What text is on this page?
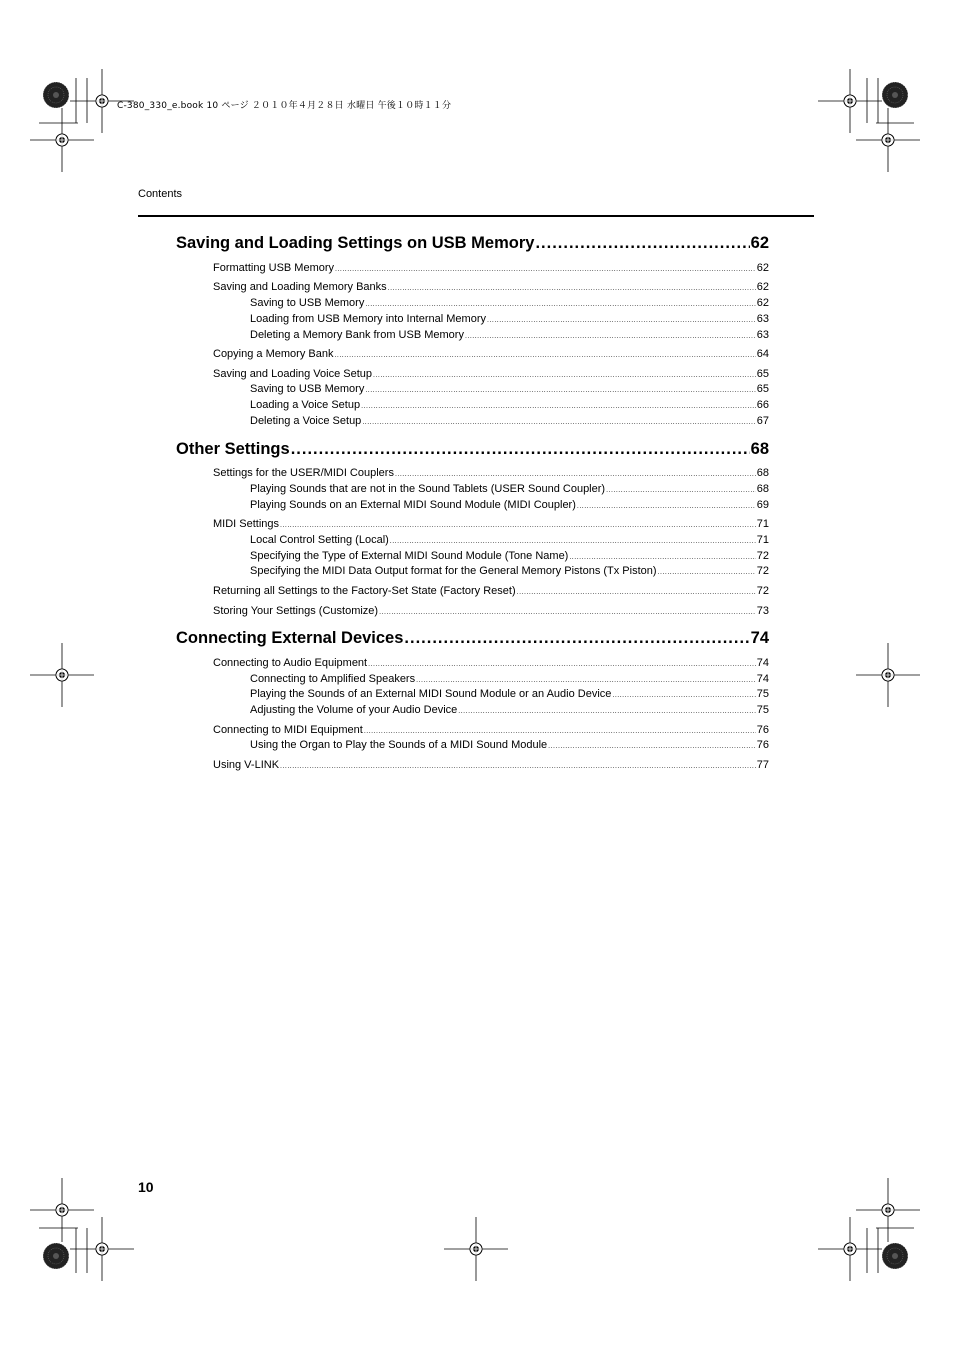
C-380_330_e.book 10 ページ ２０１０年４月２８日 水曜日 午後１０時１１分
Contents
Saving and Loading Settings on USB Memory .....	62
Formatting USB Memory .....	62
Saving and Loading Memory Banks .....	62
Saving to USB Memory .....	62
Loading from USB Memory into Internal Memory .....	63
Deleting a Memory Bank from USB Memory .....	63
Copying a Memory Bank .....	64
Saving and Loading Voice Setup .....	65
Saving to USB Memory .....	65
Loading a Voice Setup .....	66
Deleting a Voice Setup .....	67
Other Settings .....	68
Settings for the USER/MIDI Couplers .....	68
Playing Sounds that are not in the Sound Tablets (USER Sound Coupler) .....	68
Playing Sounds on an External MIDI Sound Module (MIDI Coupler) .....	69
MIDI Settings .....	71
Local Control Setting (Local) .....	71
Specifying the Type of External MIDI Sound Module (Tone Name) .....	72
Specifying the MIDI Data Output format for the General Memory Pistons (Tx Piston) .....	72
Returning all Settings to the Factory-Set State (Factory Reset) .....	72
Storing Your Settings (Customize) .....	73
Connecting External Devices .....	74
Connecting to Audio Equipment .....	74
Connecting to Amplified Speakers .....	74
Playing the Sounds of an External MIDI Sound Module or an Audio Device .....	75
Adjusting the Volume of your Audio Device .....	75
Connecting to MIDI Equipment .....	76
Using the Organ to Play the Sounds of a MIDI Sound Module .....	76
Using V-LINK .....	77
10
